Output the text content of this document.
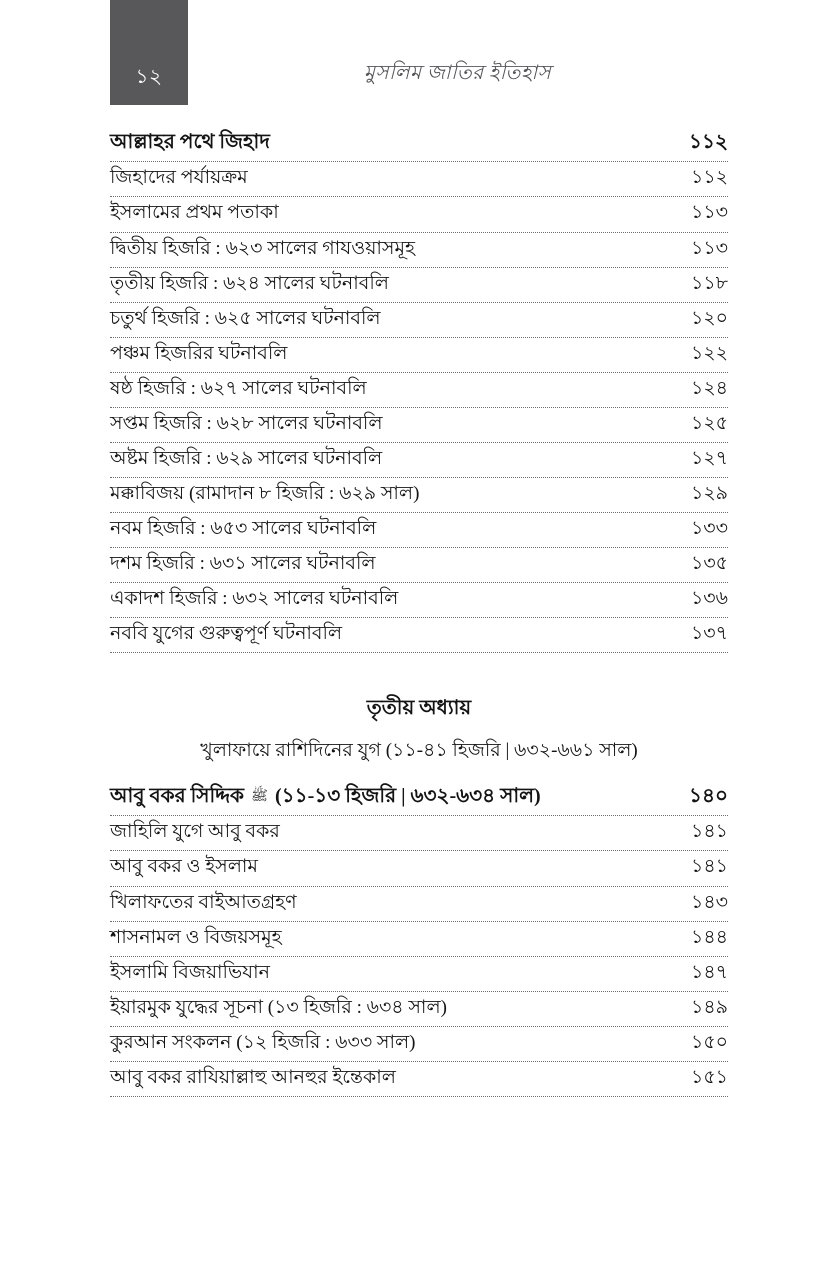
১২	মুসলিম জাতির ইতিহাস
আল্লাহর পথে জিহাদ	১১২
জিহাদের পর্যায়ক্রম	১১২
ইসলামের প্রথম পতাকা	১১৩
দ্বিতীয় হিজরি : ৬২৩ সালের গাযওয়াসমূহ	১১৩
তৃতীয় হিজরি : ৬২৪ সালের ঘটনাবলি	১১৮
চতুর্থ হিজরি : ৬২৫ সালের ঘটনাবলি	১২০
পঞ্চম হিজরির ঘটনাবলি	১২২
ষষ্ঠ হিজরি : ৬২৭ সালের ঘটনাবলি	১২৪
সপ্তম হিজরি : ৬২৮ সালের ঘটনাবলি	১২৫
অষ্টম হিজরি : ৬২৯ সালের ঘটনাবলি	১২৭
মক্কাবিজয় (রামাদান ৮ হিজরি : ৬২৯ সাল)	১২৯
নবম হিজরি : ৬৫৩ সালের ঘটনাবলি	১৩৩
দশম হিজরি : ৬৩১ সালের ঘটনাবলি	১৩৫
একাদশ হিজরি : ৬৩২ সালের ঘটনাবলি	১৩৬
নববি যুগের গুরুত্বপূর্ণ ঘটনাবলি	১৩৭
তৃতীয় অধ্যায়
খুলাফায়ে রাশিদিনের যুগ (১১-৪১ হিজরি | ৬৩২-৬৬১ সাল)
আবু বকর সিদ্দিক ﷺ (১১-১৩ হিজরি | ৬৩২-৬৩৪ সাল)	১৪০
জাহিলি যুগে আবু বকর	১৪১
আবু বকর ও ইসলাম	১৪১
খিলাফতের বাইআতগ্রহণ	১৪৩
শাসনামল ও বিজয়সমূহ	১৪৪
ইসলামি বিজয়াভিযান	১৪৭
ইয়ারমুক যুদ্ধের সূচনা (১৩ হিজরি : ৬৩৪ সাল)	১৪৯
কুরআন সংকলন (১২ হিজরি : ৬৩৩ সাল)	১৫০
আবু বকর রাযিয়াল্লাহু আনহুর ইন্তেকাল	১৫১
